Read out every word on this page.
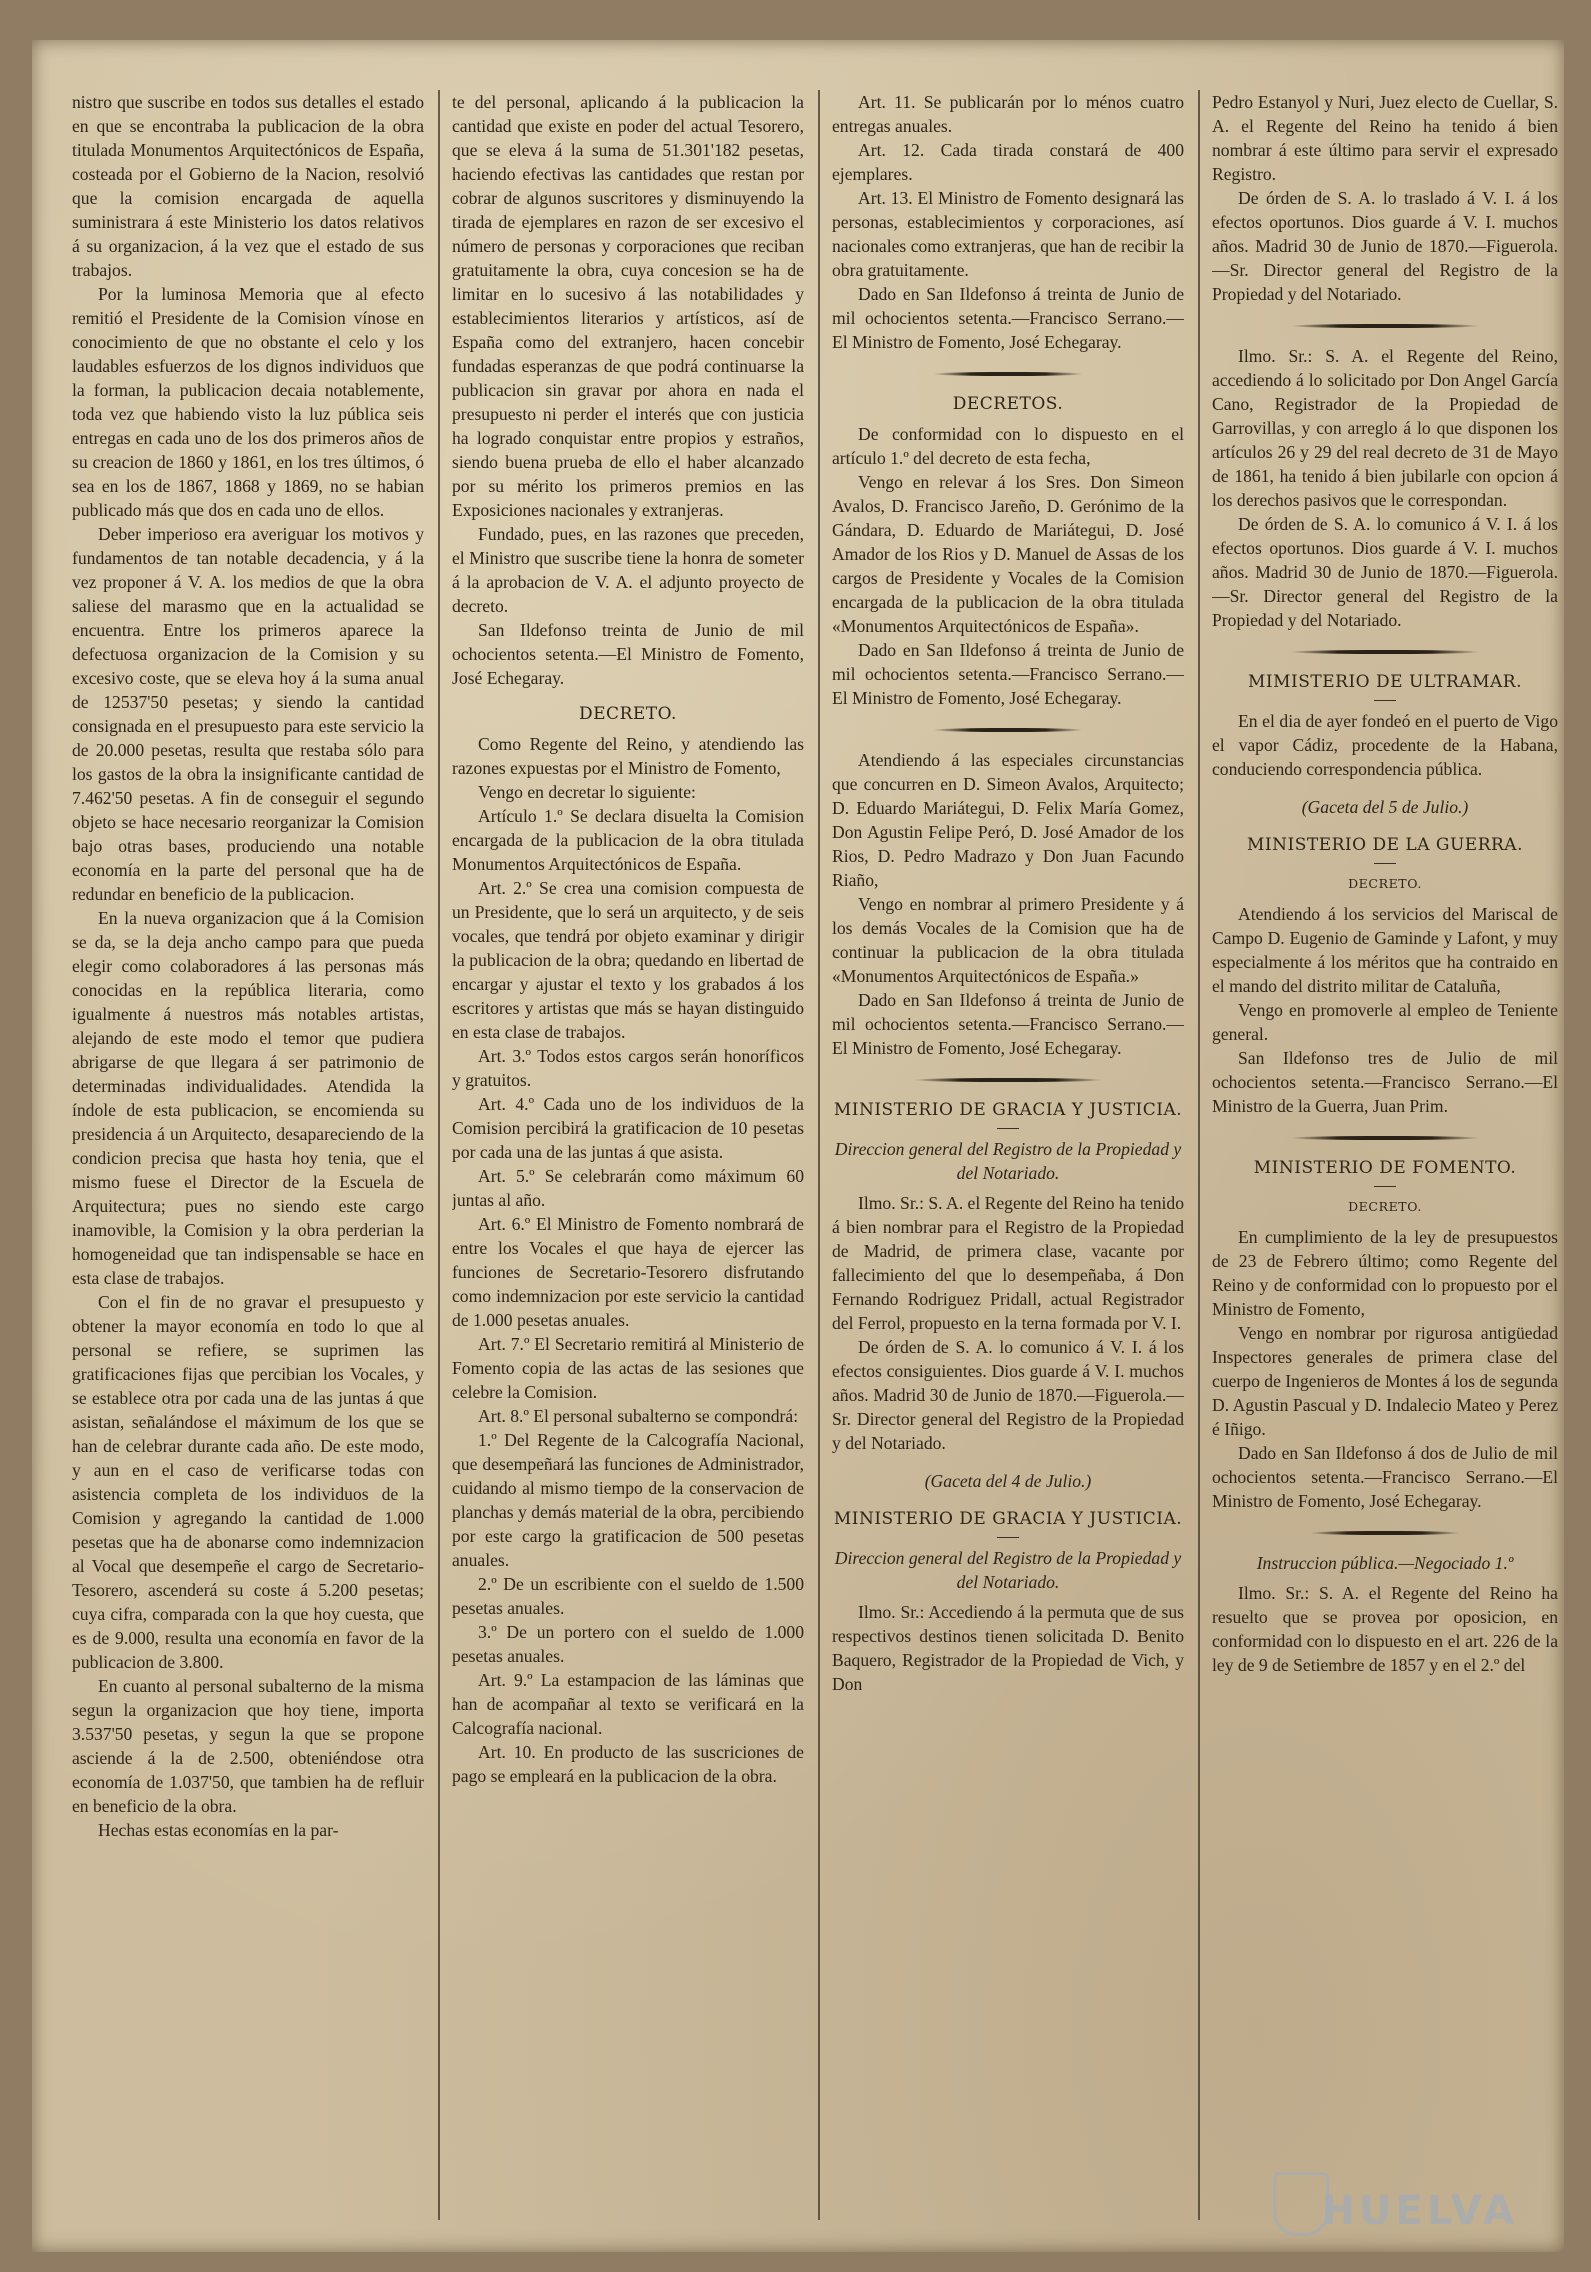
nistro que suscribe en todos sus detalles el estado en que se encontraba la publicacion de la obra titulada Monumentos Arquitectónicos de España, costeada por el Gobierno de la Nacion, resolvió que la comision encargada de aquella suministrara á este Ministerio los datos relativos á su organizacion, á la vez que el estado de sus trabajos.

Por la luminosa Memoria que al efecto remitió el Presidente de la Comision vínose en conocimiento de que no obstante el celo y los laudables esfuerzos de los dignos individuos que la forman, la publicacion decaia notablemente, toda vez que habiendo visto la luz pública seis entregas en cada uno de los dos primeros años de su creacion de 1860 y 1861, en los tres últimos, ó sea en los de 1867, 1868 y 1869, no se habian publicado más que dos en cada uno de ellos.

Deber imperioso era averiguar los motivos y fundamentos de tan notable decadencia, y á la vez proponer á V. A. los medios de que la obra saliese del marasmo que en la actualidad se encuentra. Entre los primeros aparece la defectuosa organizacion de la Comision y su excesivo coste, que se eleva hoy á la suma anual de 12537'50 pesetas; y siendo la cantidad consignada en el presupuesto para este servicio la de 20.000 pesetas, resulta que restaba sólo para los gastos de la obra la insignificante cantidad de 7.462'50 pesetas. A fin de conseguir el segundo objeto se hace necesario reorganizar la Comision bajo otras bases, produciendo una notable economía en la parte del personal que ha de redundar en beneficio de la publicacion.

En la nueva organizacion que á la Comision se da, se la deja ancho campo para que pueda elegir como colaboradores á las personas más conocidas en la república literaria, como igualmente á nuestros más notables artistas, alejando de este modo el temor que pudiera abrigarse de que llegara á ser patrimonio de determinadas individualidades. Atendida la índole de esta publicacion, se encomienda su presidencia á un Arquitecto, desapareciendo de la condicion precisa que hasta hoy tenia, que el mismo fuese el Director de la Escuela de Arquitectura; pues no siendo este cargo inamovible, la Comision y la obra perderian la homogeneidad que tan indispensable se hace en esta clase de trabajos.

Con el fin de no gravar el presupuesto y obtener la mayor economía en todo lo que al personal se refiere, se suprimen las gratificaciones fijas que percibian los Vocales, y se establece otra por cada una de las juntas á que asistan, señalándose el máximum de los que se han de celebrar durante cada año. De este modo, y aun en el caso de verificarse todas con asistencia completa de los individuos de la Comision y agregando la cantidad de 1.000 pesetas que ha de abonarse como indemnizacion al Vocal que desempeñe el cargo de Secretario-Tesorero, ascenderá su coste á 5.200 pesetas; cuya cifra, comparada con la que hoy cuesta, que es de 9.000, resulta una economía en favor de la publicacion de 3.800.

En cuanto al personal subalterno de la misma segun la organizacion que hoy tiene, importa 3.537'50 pesetas, y segun la que se propone asciende á la de 2.500, obteniéndose otra economía de 1.037'50, que tambien ha de refluir en beneficio de la obra.

Hechas estas economías en la par-

te del personal, aplicando á la publicacion la cantidad que existe en poder del actual Tesorero, que se eleva á la suma de 51.301'182 pesetas, haciendo efectivas las cantidades que restan por cobrar de algunos suscritores y disminuyendo la tirada de ejemplares en razon de ser excesivo el número de personas y corporaciones que reciban gratuitamente la obra, cuya concesion se ha de limitar en lo sucesivo á las notabilidades y establecimientos literarios y artísticos, así de España como del extranjero, hacen concebir fundadas esperanzas de que podrá continuarse la publicacion sin gravar por ahora en nada el presupuesto ni perder el interés que con justicia ha logrado conquistar entre propios y estraños, siendo buena prueba de ello el haber alcanzado por su mérito los primeros premios en las Exposiciones nacionales y extranjeras.

Fundado, pues, en las razones que preceden, el Ministro que suscribe tiene la honra de someter á la aprobacion de V. A. el adjunto proyecto de decreto.

San Ildefonso treinta de Junio de mil ochocientos setenta.—El Ministro de Fomento, José Echegaray.

DECRETO.

Como Regente del Reino, y atendiendo las razones expuestas por el Ministro de Fomento,

Vengo en decretar lo siguiente:

Artículo 1.º Se declara disuelta la Comision encargada de la publicacion de la obra titulada Monumentos Arquitectónicos de España.

Art. 2.º Se crea una comision compuesta de un Presidente, que lo será un arquitecto, y de seis vocales, que tendrá por objeto examinar y dirigir la publicacion de la obra; quedando en libertad de encargar y ajustar el texto y los grabados á los escritores y artistas que más se hayan distinguido en esta clase de trabajos.

Art. 3.º Todos estos cargos serán honoríficos y gratuitos.

Art. 4.º Cada uno de los individuos de la Comision percibirá la gratificacion de 10 pesetas por cada una de las juntas á que asista.

Art. 5.º Se celebrarán como máximum 60 juntas al año.

Art. 6.º El Ministro de Fomento nombrará de entre los Vocales el que haya de ejercer las funciones de Secretario-Tesorero disfrutando como indemnizacion por este servicio la cantidad de 1.000 pesetas anuales.

Art. 7.º El Secretario remitirá al Ministerio de Fomento copia de las actas de las sesiones que celebre la Comision.

Art. 8.º El personal subalterno se compondrá:

1.º Del Regente de la Calcografía Nacional, que desempeñará las funciones de Administrador, cuidando al mismo tiempo de la conservacion de planchas y demás material de la obra, percibiendo por este cargo la gratificacion de 500 pesetas anuales.

2.º De un escribiente con el sueldo de 1.500 pesetas anuales.

3.º De un portero con el sueldo de 1.000 pesetas anuales.

Art. 9.º La estampacion de las láminas que han de acompañar al texto se verificará en la Calcografía nacional.

Art. 10. En producto de las suscriciones de pago se empleará en la publicacion de la obra.

Art. 11. Se publicarán por lo ménos cuatro entregas anuales.

Art. 12. Cada tirada constará de 400 ejemplares.

Art. 13. El Ministro de Fomento designará las personas, establecimientos y corporaciones, así nacionales como extranjeras, que han de recibir la obra gratuitamente.

Dado en San Ildefonso á treinta de Junio de mil ochocientos setenta.—Francisco Serrano.—El Ministro de Fomento, José Echegaray.

DECRETOS.

De conformidad con lo dispuesto en el artículo 1.º del decreto de esta fecha,

Vengo en relevar á los Sres. Don Simeon Avalos, D. Francisco Jareño, D. Gerónimo de la Gándara, D. Eduardo de Mariátegui, D. José Amador de los Rios y D. Manuel de Assas de los cargos de Presidente y Vocales de la Comision encargada de la publicacion de la obra titulada «Monumentos Arquitectónicos de España».

Dado en San Ildefonso á treinta de Junio de mil ochocientos setenta.—Francisco Serrano.—El Ministro de Fomento, José Echegaray.

Atendiendo á las especiales circunstancias que concurren en D. Simeon Avalos, Arquitecto; D. Eduardo Mariátegui, D. Felix María Gomez, Don Agustin Felipe Peró, D. José Amador de los Rios, D. Pedro Madrazo y Don Juan Facundo Riaño,

Vengo en nombrar al primero Presidente y á los demás Vocales de la Comision que ha de continuar la publicacion de la obra titulada «Monumentos Arquitectónicos de España.»

Dado en San Ildefonso á treinta de Junio de mil ochocientos setenta.—Francisco Serrano.—El Ministro de Fomento, José Echegaray.

MINISTERIO DE GRACIA Y JUSTICIA.

Direccion general del Registro de la Propiedad y del Notariado.

Ilmo. Sr.: S. A. el Regente del Reino ha tenido á bien nombrar para el Registro de la Propiedad de Madrid, de primera clase, vacante por fallecimiento del que lo desempeñaba, á Don Fernando Rodriguez Pridall, actual Registrador del Ferrol, propuesto en la terna formada por V. I.

De órden de S. A. lo comunico á V. I. á los efectos consiguientes. Dios guarde á V. I. muchos años. Madrid 30 de Junio de 1870.—Figuerola.—Sr. Director general del Registro de la Propiedad y del Notariado.

(Gaceta del 4 de Julio.)

MINISTERIO DE GRACIA Y JUSTICIA.

Direccion general del Registro de la Propiedad y del Notariado.

Ilmo. Sr.: Accediendo á la permuta que de sus respectivos destinos tienen solicitada D. Benito Baquero, Registrador de la Propiedad de Vich, y Don

Pedro Estanyol y Nuri, Juez electo de Cuellar, S. A. el Regente del Reino ha tenido á bien nombrar á este último para servir el expresado Registro.

De órden de S. A. lo traslado á V. I. á los efectos oportunos. Dios guarde á V. I. muchos años. Madrid 30 de Junio de 1870.—Figuerola.—Sr. Director general del Registro de la Propiedad y del Notariado.

Ilmo. Sr.: S. A. el Regente del Reino, accediendo á lo solicitado por Don Angel García Cano, Registrador de la Propiedad de Garrovillas, y con arreglo á lo que disponen los artículos 26 y 29 del real decreto de 31 de Mayo de 1861, ha tenido á bien jubilarle con opcion á los derechos pasivos que le correspondan.

De órden de S. A. lo comunico á V. I. á los efectos oportunos. Dios guarde á V. I. muchos años. Madrid 30 de Junio de 1870.—Figuerola.—Sr. Director general del Registro de la Propiedad y del Notariado.

MIMISTERIO DE ULTRAMAR.

En el dia de ayer fondeó en el puerto de Vigo el vapor Cádiz, procedente de la Habana, conduciendo correspondencia pública.

(Gaceta del 5 de Julio.)

MINISTERIO DE LA GUERRA.
DECRETO.

Atendiendo á los servicios del Mariscal de Campo D. Eugenio de Gaminde y Lafont, y muy especialmente á los méritos que ha contraido en el mando del distrito militar de Cataluña,

Vengo en promoverle al empleo de Teniente general.

San Ildefonso tres de Julio de mil ochocientos setenta.—Francisco Serrano.—El Ministro de la Guerra, Juan Prim.

MINISTERIO DE FOMENTO.
DECRETO.

En cumplimiento de la ley de presupuestos de 23 de Febrero último; como Regente del Reino y de conformidad con lo propuesto por el Ministro de Fomento,

Vengo en nombrar por rigurosa antigüedad Inspectores generales de primera clase del cuerpo de Ingenieros de Montes á los de segunda D. Agustin Pascual y D. Indalecio Mateo y Perez é Iñigo.

Dado en San Ildefonso á dos de Julio de mil ochocientos setenta.—Francisco Serrano.—El Ministro de Fomento, José Echegaray.

Instruccion pública.—Negociado 1.º

Ilmo. Sr.: S. A. el Regente del Reino ha resuelto que se provea por oposicion, en conformidad con lo dispuesto en el art. 226 de la ley de 9 de Setiembre de 1857 y en el 2.º del

HUELVA
